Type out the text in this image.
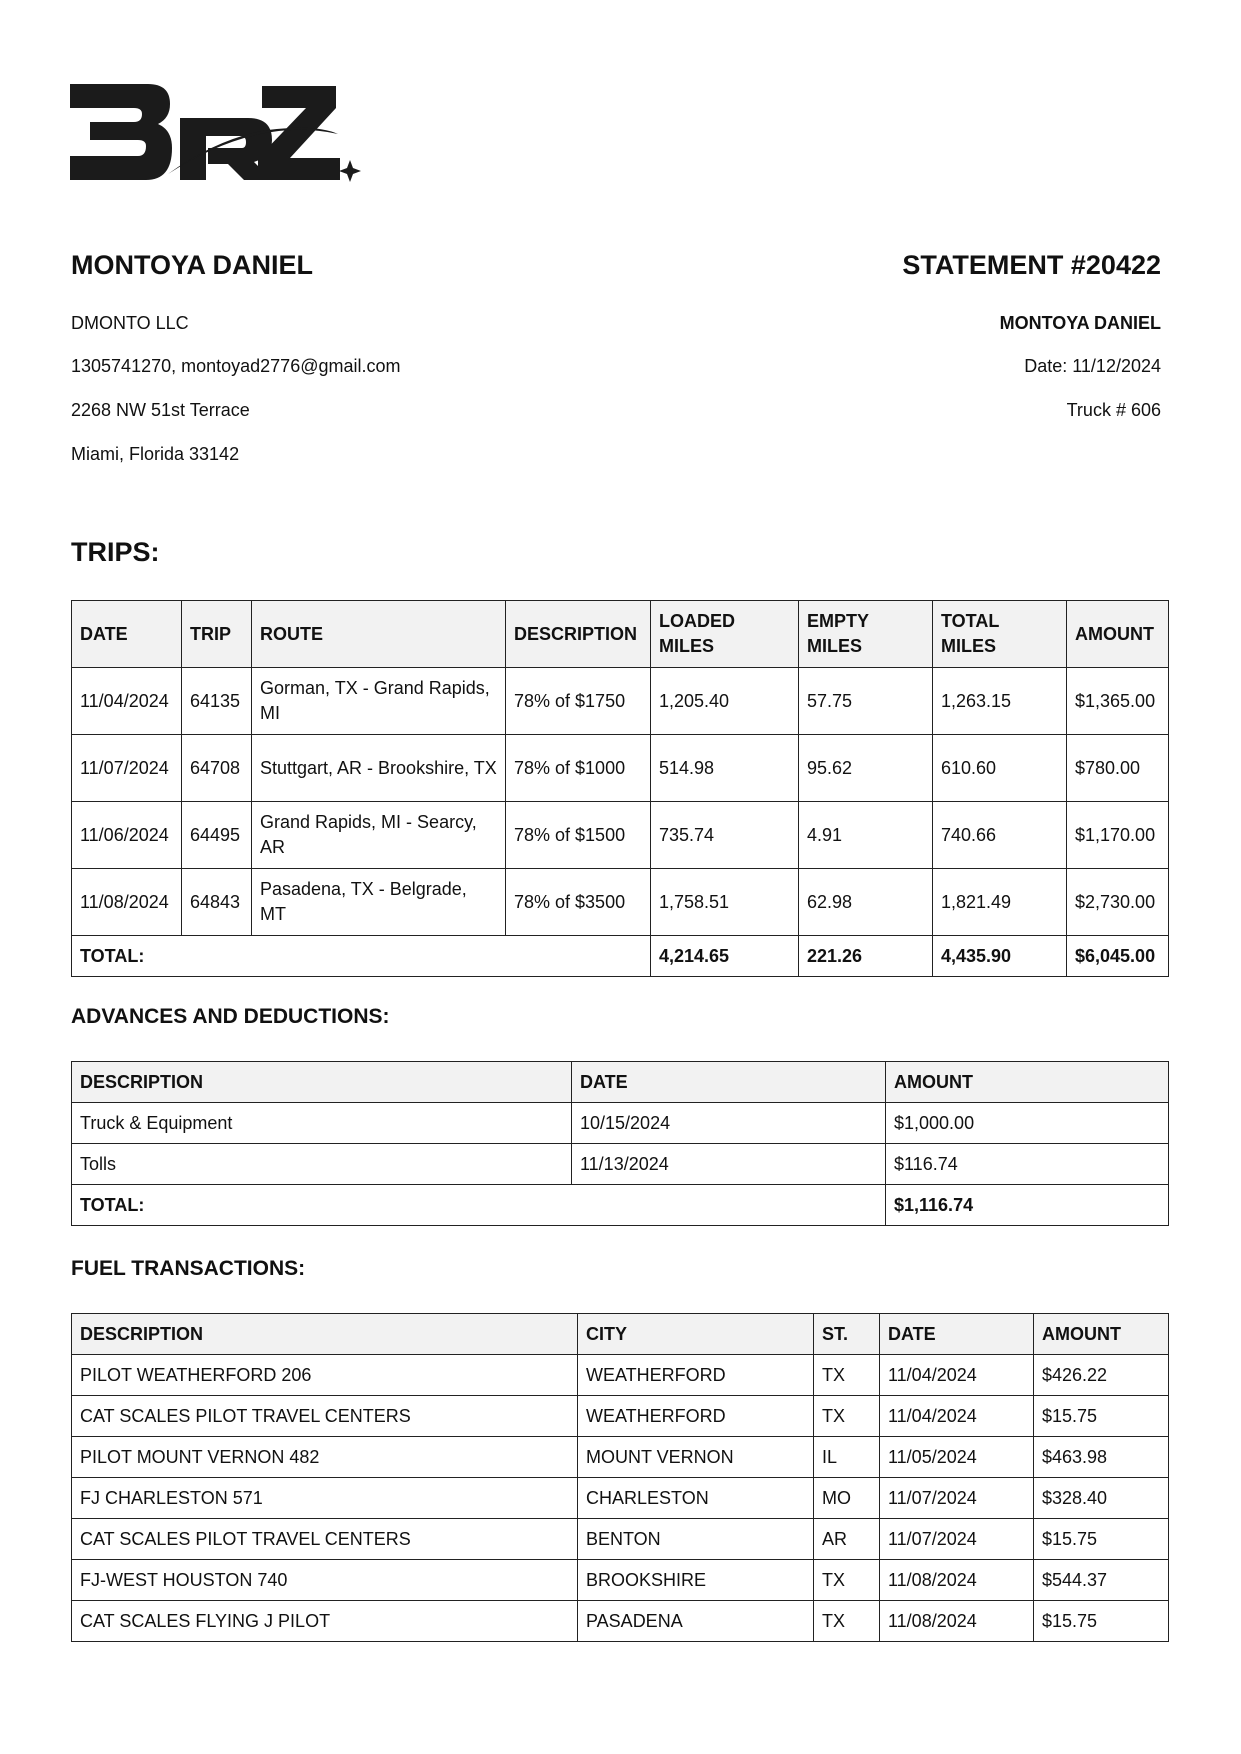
MONTOYA DANIEL	STATEMENT #20422
DMONTO LLC
1305741270, montoyad2776@gmail.com
2268 NW 51st Terrace
Miami, Florida 33142
MONTOYA DANIEL
Date: 11/12/2024
Truck # 606
TRIPS:
DATE	TRIP	ROUTE	DESCRIPTION	LOADED MILES	EMPTY MILES	TOTAL MILES	AMOUNT
11/04/2024	64135	Gorman, TX - Grand Rapids, MI	78% of $1750	1,205.40	57.75	1,263.15	$1,365.00
11/07/2024	64708	Stuttgart, AR - Brookshire, TX	78% of $1000	514.98	95.62	610.60	$780.00
11/06/2024	64495	Grand Rapids, MI - Searcy, AR	78% of $1500	735.74	4.91	740.66	$1,170.00
11/08/2024	64843	Pasadena, TX - Belgrade, MT	78% of $3500	1,758.51	62.98	1,821.49	$2,730.00
TOTAL:				4,214.65	221.26	4,435.90	$6,045.00
ADVANCES AND DEDUCTIONS:
DESCRIPTION	DATE	AMOUNT
Truck & Equipment	10/15/2024	$1,000.00
Tolls	11/13/2024	$116.74
TOTAL:		$1,116.74
FUEL TRANSACTIONS:
DESCRIPTION	CITY	ST.	DATE	AMOUNT
PILOT WEATHERFORD 206	WEATHERFORD	TX	11/04/2024	$426.22
CAT SCALES PILOT TRAVEL CENTERS	WEATHERFORD	TX	11/04/2024	$15.75
PILOT MOUNT VERNON 482	MOUNT VERNON	IL	11/05/2024	$463.98
FJ CHARLESTON 571	CHARLESTON	MO	11/07/2024	$328.40
CAT SCALES PILOT TRAVEL CENTERS	BENTON	AR	11/07/2024	$15.75
FJ-WEST HOUSTON 740	BROOKSHIRE	TX	11/08/2024	$544.37
CAT SCALES FLYING J PILOT	PASADENA	TX	11/08/2024	$15.75
